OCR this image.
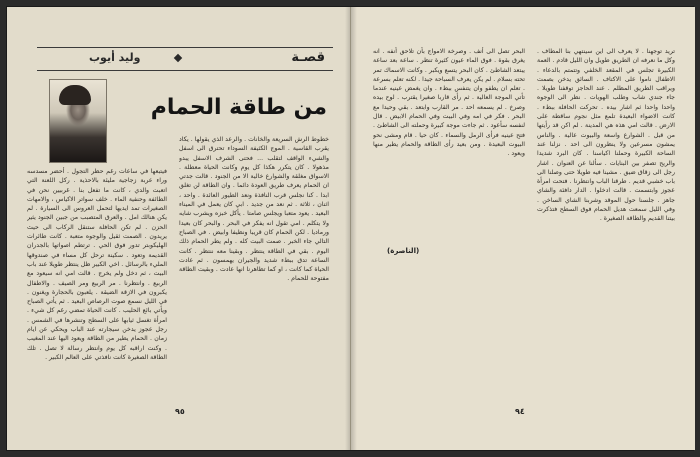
قصـة
وليد أيوب
من طاقة الحمام
فيتبعها في ساعات رغم حظر التجول . أحضر مسدسه وراء عربة زجاجية مليئة بالاحذية . ركل اللعنة التي اتعبت والدي ، كانت ما تفعل بنا . غربيين نحن في الطائفة وحنفية الماء . خلف سواتر الاكياس ، والامهات الصغيرات تمد ايديها لتحمل العروس الى السيارة . لم يكن هنالك امل . والعرق المتصبب من جبين الجنود يثير الحزن . لم تكن الحافلة ستنقل الركاب الى حيث يريدون . الصمت ثقيل والوجوه متعبة . كانت طائرات الهليكوبتر تدور فوق الحي . ترتطم اصواتها بالجدران القديمة وتعود . سكينة ترحل كل مساء في صندوقها المليء بالرسائل . اخي الكبير ظل ينتظر طويلا عند باب البيت ، ثم دخل ولم يخرج . قالت امي انه سيعود مع الربيع . وانتظرنا . مر الربيع ومر الصيف . والاطفال يكبرون في الازقة الضيقة . يلعبون بالحجارة ويغنون . في الليل نسمع صوت الرصاص البعيد . ثم يأتي الصباح ويأتي بائع الحليب . كانت الحياة تمضي رغم كل شيء . امرأة تغسل ثيابها على السطح وتنشرها في الشمس . رجل عجوز يدخن سيجارته عند الباب ويحكي عن ايام زمان . الحمام يطير من الطاقة ويعود اليها عند المغيب . وكنت اراقبه كل يوم وانتظر رسالة لا تصل . تلك الطاقة الصغيرة كانت نافذتي على العالم الكبير .
خطوط الرش السريعة والخانات . والرعد الذي يقولها . يكاد يقرب القاسية . الموج الكثيفة السوداء تحترق الى اسفل والشيء الواقف لتقلب ... فحتى الشرف الاسفل يبدو مذهولا . كان يتكرر هكذا كل يوم وكانت الحياة معطلة . الاسواق مغلقة والشوارع خالية الا من الجنود . قالت جدتي ان الحمام يعرف طريق العودة دائما . وان الطاقة لن تغلق ابدا . كنا نجلس قرب النافذة ونعد الطيور العائدة . واحد ، اثنان ، ثلاثة . ثم نعد من جديد . ابي كان يعمل في الميناء البعيد . يعود متعبا ويجلس صامتا . يأكل خبزه ويشرب شايه ولا يتكلم . امي تقول انه يفكر في البحر . والبحر كان بعيدا ورماديا . لكن الحمام كان قريبا ونظيفا وابيض . في الصباح التالي جاء الخبر . صمت البيت كله . ولم يطر الحمام ذلك اليوم . بقي في الطاقة ينتظر . وبقينا معه ننتظر . كانت الساعة تدق ببطء شديد والجيران يهمسون . ثم عادت الحياة كما كانت ، او كما تظاهرنا انها عادت . وبقيت الطاقة مفتوحة للحمام .
٩٥
تريد توجهنا . لا يعرف الى اين سينتهي بنا المطاف . وكل ما نعرفه ان الطريق طويل وان الليل قادم . العمة الكبيرة تجلس في المقعد الخلفي وتتمتم بالدعاء . الاطفال ناموا على الاكتاف . السائق يدخن بصمت ويراقب الطريق المظلم . عند الحاجز توقفنا طويلا . جاء جندي شاب وطلب الهويات . نظر الى الوجوه واحدا واحدا ثم اشار بيده . تحركت الحافلة ببطء . كانت الاضواء البعيدة تلمع مثل نجوم ساقطة على الارض . قالت امي هذه هي المدينة . لم اكن قد رأيتها من قبل . الشوارع واسعة والبيوت عالية . والناس يمشون مسرعين ولا ينظرون الى احد . نزلنا عند الساحة الكبيرة وحملنا اكياسنا . كان البرد شديدا والريح تصفر بين البنايات . سألنا عن العنوان . اشار رجل الى زقاق ضيق . مشينا فيه طويلا حتى وصلنا الى باب خشبي قديم . طرقنا الباب وانتظرنا . فتحت امرأة عجوز وابتسمت . قالت ادخلوا . الدار دافئة والشاي جاهز . جلسنا حول الموقد وشربنا الشاي الساخن . وفي الليل سمعت هديل الحمام فوق السطح فتذكرت بيتنا القديم والطاقة الصغيرة .
البحر تصل الى أنف . وصرخة الامواج بأن تلاحق أنفه . انه يغرق بقوة . فوق الماء عيون كثيرة تنظر . ساعة بعد ساعة يبتعد الشاطئ . كان البحر يتسع ويكبر . وكانت الاسماك تمر تحته بسلام . لم يكن يعرف السباحة جيدا . لكنه تعلم بسرعة . تعلم ان يطفو وان يتنفس ببطء . وان يغمض عينيه عندما تأتي الموجة العالية . ثم رأى قاربا صغيرا يقترب . لوح بيده وصرخ . لم يسمعه احد . مر القارب وابتعد . بقي وحيدا مع البحر . فكر في امه وفي البيت وفي الحمام الابيض . قال لنفسه سأعود . ثم جاءت موجة كبيرة وحملته الى الشاطئ . فتح عينيه فرأى الرمل والسماء . كان حيا . قام ومشى نحو البيوت البعيدة . ومن بعيد رأى الطاقة والحمام يطير منها ويعود .
(الناصرة)
٩٤
